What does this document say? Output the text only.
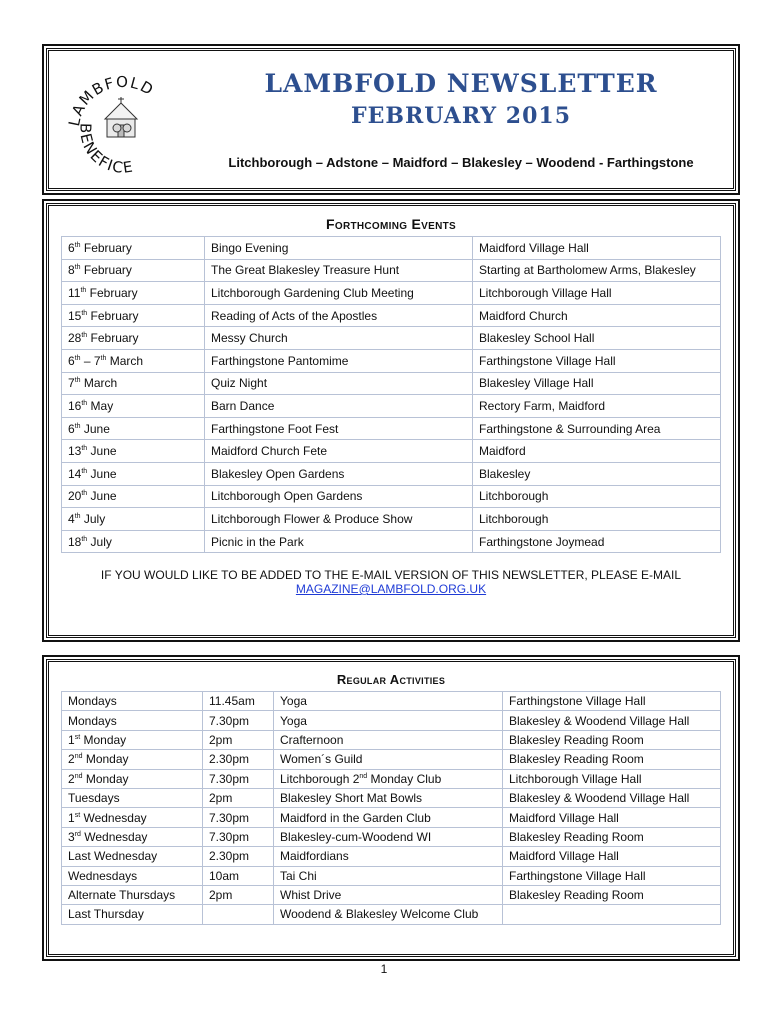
LAMBFOLD
BENEFICE
LAMBFOLD NEWSLETTER
FEBRUARY 2015
Litchborough – Adstone – Maidford – Blakesley – Woodend - Farthingstone
Forthcoming Events
6th February	Bingo Evening	Maidford Village Hall
8th February	The Great Blakesley Treasure Hunt	Starting at Bartholomew Arms, Blakesley
11th February	Litchborough Gardening Club Meeting	Litchborough Village Hall
15th February	Reading of Acts of the Apostles	Maidford Church
28th February	Messy Church	Blakesley School Hall
6th – 7th March	Farthingstone Pantomime	Farthingstone Village Hall
7th March	Quiz Night	Blakesley Village Hall
16th May	Barn Dance	Rectory Farm, Maidford
6th June	Farthingstone Foot Fest	Farthingstone & Surrounding Area
13th June	Maidford Church Fete	Maidford
14th June	Blakesley Open Gardens	Blakesley
20th June	Litchborough Open Gardens	Litchborough
4th July	Litchborough Flower & Produce Show	Litchborough
18th July	Picnic in the Park	Farthingstone Joymead
IF YOU WOULD LIKE TO BE ADDED TO THE E-MAIL VERSION OF THIS NEWSLETTER, PLEASE E-MAIL
MAGAZINE@LAMBFOLD.ORG.UK
Regular Activities
Mondays	11.45am	Yoga	Farthingstone Village Hall
Mondays	7.30pm	Yoga	Blakesley & Woodend Village Hall
1st Monday	2pm	Crafternoon	Blakesley Reading Room
2nd Monday	2.30pm	Women´s Guild	Blakesley Reading Room
2nd Monday	7.30pm	Litchborough 2nd Monday Club	Litchborough Village Hall
Tuesdays	2pm	Blakesley Short Mat Bowls	Blakesley & Woodend Village Hall
1st Wednesday	7.30pm	Maidford in the Garden Club	Maidford Village Hall
3rd Wednesday	7.30pm	Blakesley-cum-Woodend WI	Blakesley Reading Room
Last Wednesday	2.30pm	Maidfordians	Maidford Village Hall
Wednesdays	10am	Tai Chi	Farthingstone Village Hall
Alternate Thursdays	2pm	Whist Drive	Blakesley Reading Room
Last Thursday		Woodend & Blakesley Welcome Club	
1
